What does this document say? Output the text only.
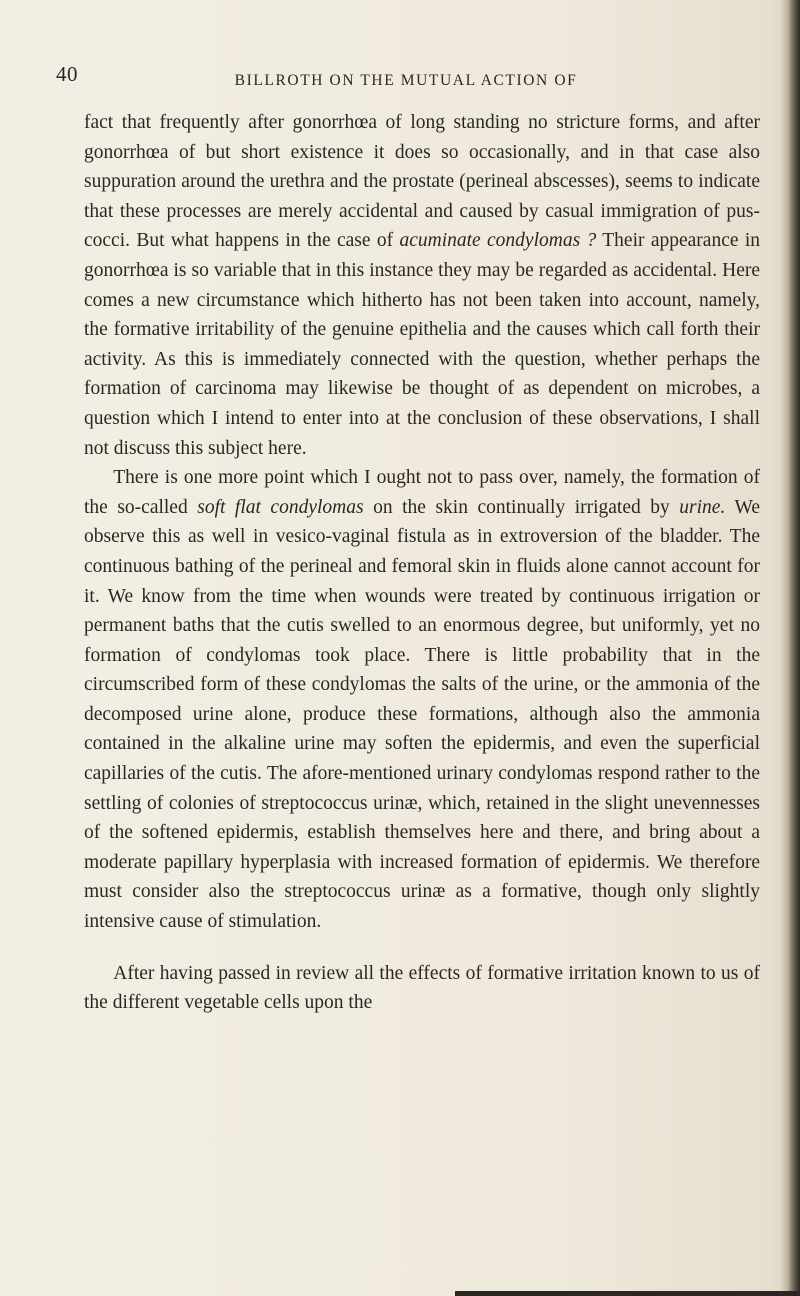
40	BILLROTH ON THE MUTUAL ACTION OF

fact that frequently after gonorrhœa of long standing no stricture forms, and after gonorrhœa of but short existence it does so occasionally, and in that case also suppuration around the urethra and the prostate (perineal abscesses), seems to indicate that these processes are merely accidental and caused by casual immigration of pus-cocci. But what happens in the case of acuminate condylomas ? Their appearance in gonorrhœa is so variable that in this instance they may be regarded as accidental. Here comes a new circumstance which hitherto has not been taken into account, namely, the formative irritability of the genuine epithelia and the causes which call forth their activity. As this is immediately connected with the question, whether perhaps the formation of carcinoma may likewise be thought of as dependent on microbes, a question which I intend to enter into at the conclusion of these observations, I shall not discuss this subject here.

There is one more point which I ought not to pass over, namely, the formation of the so-called soft flat condylomas on the skin continually irrigated by urine. We observe this as well in vesico-vaginal fistula as in extroversion of the bladder. The continuous bathing of the perineal and femoral skin in fluids alone cannot account for it. We know from the time when wounds were treated by continuous irrigation or permanent baths that the cutis swelled to an enormous degree, but uniformly, yet no formation of condylomas took place. There is little probability that in the circumscribed form of these condylomas the salts of the urine, or the ammonia of the decomposed urine alone, produce these formations, although also the ammonia contained in the alkaline urine may soften the epidermis, and even the superficial capillaries of the cutis. The afore-mentioned urinary condylomas respond rather to the settling of colonies of streptococcus urinæ, which, retained in the slight unevennesses of the softened epidermis, establish themselves here and there, and bring about a moderate papillary hyperplasia with increased formation of epidermis. We therefore must consider also the streptococcus urinæ as a formative, though only slightly intensive cause of stimulation.

After having passed in review all the effects of formative irritation known to us of the different vegetable cells upon the
